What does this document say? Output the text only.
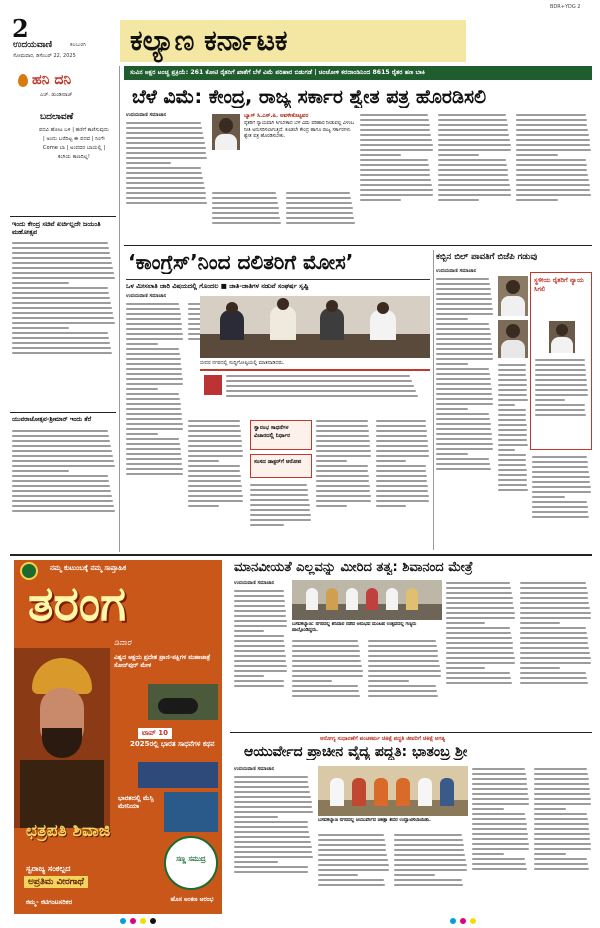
2
ಉದಯವಾಣಿ	ಕಲಬುರಗಿ
ಸೋಮವಾರ, ಡಿಸೆಂಬರ್ 22, 2025 ಕಲ್ಯಾಣ ಕರ್ನಾಟಕ
BDR+YDG 2
ಹನಿ ದನಿ
ಎಚ್. ಡುಂಡೀರಾಜ್
ಬದಲಾವಣೆ
ಪದವಿ ಹೋಟ ಬಳಿ | ಹಣಿಗೆ ಕಾಣಿಸುವುದು | ಅಂದು ಬರೆದಿಟ್ಟ ಈ ಪದವ | ನಿಂಗೇ Come ಬಾ | ಅಂದವರ ಬಾಯಲ್ಲಿ | ಕಂಗಿಯ ಕಾಣದಿಲ್ಲ!
ಇಂದು ಕೇಂದ್ರ ಸಚಿವೆ ಖರ್ಚಿಲ್ಲದೇ ಜಯಂತಿ ಮಹೋತ್ಸವ
ಯುವರಾಜೋತ್ಸವ-ಶ್ರೀಮಾನ್ ಇಂದು ತೆರೆ
ಸುವಿನ ಅಕ್ಷರ ಟಂಚ್ಚ ಪ್ರಕ್ರಿಯೆ: 261 ಕೋಟಿ ರೈತರಿಗೆ ಖಾತೆಗೆ ಬೆಳೆ ವಿಮೆ ಪರಿಹಾರ ಬಿಡುಗಡೆ | ಚಿಂಚೋಳಿ ಕರದಾಂಡಿನಿಂದ 8615 ರೈತರ ಹಣ ಬಾಕಿ
ಬೆಳೆ ವಿಮೆ: ಕೇಂದ್ರ, ರಾಜ್ಯ ಸರ್ಕಾರ ಶ್ವೇತ ಪತ್ರ ಹೊರಡಿಸಲಿ
ಉದಯವಾಣಿ ಸಮಾಚಾರ	ಬ್ಯಾಗ್ ಸಿ.ಎಸ್.ಪಿ. ಅವಳೀಕೊಟ್ಟವರ
ರೈತರಿಗೆ ನ್ಯಾಯವಾಗಿ ಸಿಗಬೇಕಾದ ಬೆಳೆ ವಿಮೆ ಪರಿಹಾರ ನೀಡುವಲ್ಲಿ ವಿಳಂಬ ನೀತಿ ಅನುಸರಿಸಲಾಗುತ್ತಿದೆ. ಕೂಡಲೇ ಕೇಂದ್ರ ಹಾಗೂ ರಾಜ್ಯ ಸರ್ಕಾರಗಳು ಶ್ವೇತ ಪತ್ರ ಹೊರಡಿಸಬೇಕು.
‘ಕಾಂಗ್ರೆಸ್’ನಿಂದ ದಲಿತರಿಗೆ ಮೋಸ’
ಒಳ ಮೀಸಲಾತಿ ಜಾರಿ ವಿಷಯದಲ್ಲಿ ಗೊಂದಲ ■ ಜಾತಿ-ಜಾತಿಗಳ ನಡುವೆ ಸಂಘರ್ಷ ಸೃಷ್ಟಿ
ಉದಯವಾಣಿ ಸಮಾಚಾರ
ಬೀದರ ನಗರದಲ್ಲಿ ಸುದ್ದಿಗೋಷ್ಠಿಯಲ್ಲಿ ಮಾತನಾಡಿದರು.
ಸ್ವಾರಂಭ ಸಾಧನೆಗಳ ವಿಚಾರದಲ್ಲಿ ನಿರ್ಧಾರ
ಸಂಸದ ಡಾಕ್ಟರ್‌ಗೆ ಆರೋಪ
ಕಬ್ಬಿನ ಬಿಲ್ ಪಾವತಿಗೆ ಬಿಜೆಪಿ ಗಡುವು
ಉದಯವಾಣಿ ಸಮಾಚಾರ
ಸ್ಥಳೀಯ ರೈತರಿಗೆ ನ್ಯಾಯ ಸಿಗಲಿ
ನಮ್ಮ ಕುಟುಂಬಕ್ಕೆ ನಮ್ಮ ಸಾಪ್ತಾಹಿಕ
ತರಂಗ
ಡಿವಾರ
ವಿಶ್ವದ ಅಕ್ಷಯ ಪ್ರದೇಶ ಪ್ರಾಣಿ-ಪಕ್ಷಿಗಳ ಮಹಾಜಾತ್ರೆ ಸೋನ್‌ಪುರ್ ಮೇಳ
ಟಾಪ್ 10
2025ರಲ್ಲಿ ಭಾರತ ಸಾಧನೆಗಳ ಕಥನ
ಭಾರತದಲ್ಲಿ ಮೆಸ್ಸಿ ಮೇನಿಯಾ
ಛತ್ರಪತಿ ಶಿವಾಜಿ
ಸ್ವರಾಜ್ಯ ಸಂಕಲ್ಪದ
ಅಪ್ರತಿಮ ವೀರಗಾಥೆ
ಕಮ್ಮ- ಕಟಿಗಂಟಸರಿಕರ
ಸಣ್ಣ ಸಮುದ್ರ
ಹೊಸ ಅಂಕಣ ಆರಂಭ
ಮಾನವೀಯತೆ ಎಲ್ಲವನ್ನು ಮೀರಿದ ತತ್ವ: ಶಿವಾನಂದ ಮೇತ್ರೆ
ಉದಯವಾಣಿ ಸಮಾಚಾರ
ಬಸವಕಲ್ಯಾಣ: ನಗರದಲ್ಲಿ ಶನಿವಾರ ನಡೆದ ಅನುಭವ ಮಂಟಪ ಉತ್ಸವದಲ್ಲಿ ಗಣ್ಯರು ಪಾಲ್ಗೊಂಡಿದ್ದರು.
ಆರೋಗ್ಯ ಸುಧಾರಣೆಗೆ ಪಂಚಕರ್ಮ ಚಿಕಿತ್ಸೆ ಪದ್ಧತಿ ಜೀವರಿಗೆ ಚಿಕಿತ್ಸೆ ಅಗತ್ಯ
ಆಯುರ್ವೇದ ಪ್ರಾಚೀನ ವೈದ್ಯ ಪದ್ಧತಿ: ಭಾತಂಬ್ರ ಶ್ರೀ
ಉದಯವಾಣಿ ಸಮಾಚಾರ
ಬಸವಕಲ್ಯಾಣ ನಗರದಲ್ಲಿ ಆಯುರ್ವೇದ ಚಿಕಿತ್ಸಾ ಶಿಬಿರ ಉದ್ಘಾಟಿಸಲಾಯಿತು.
